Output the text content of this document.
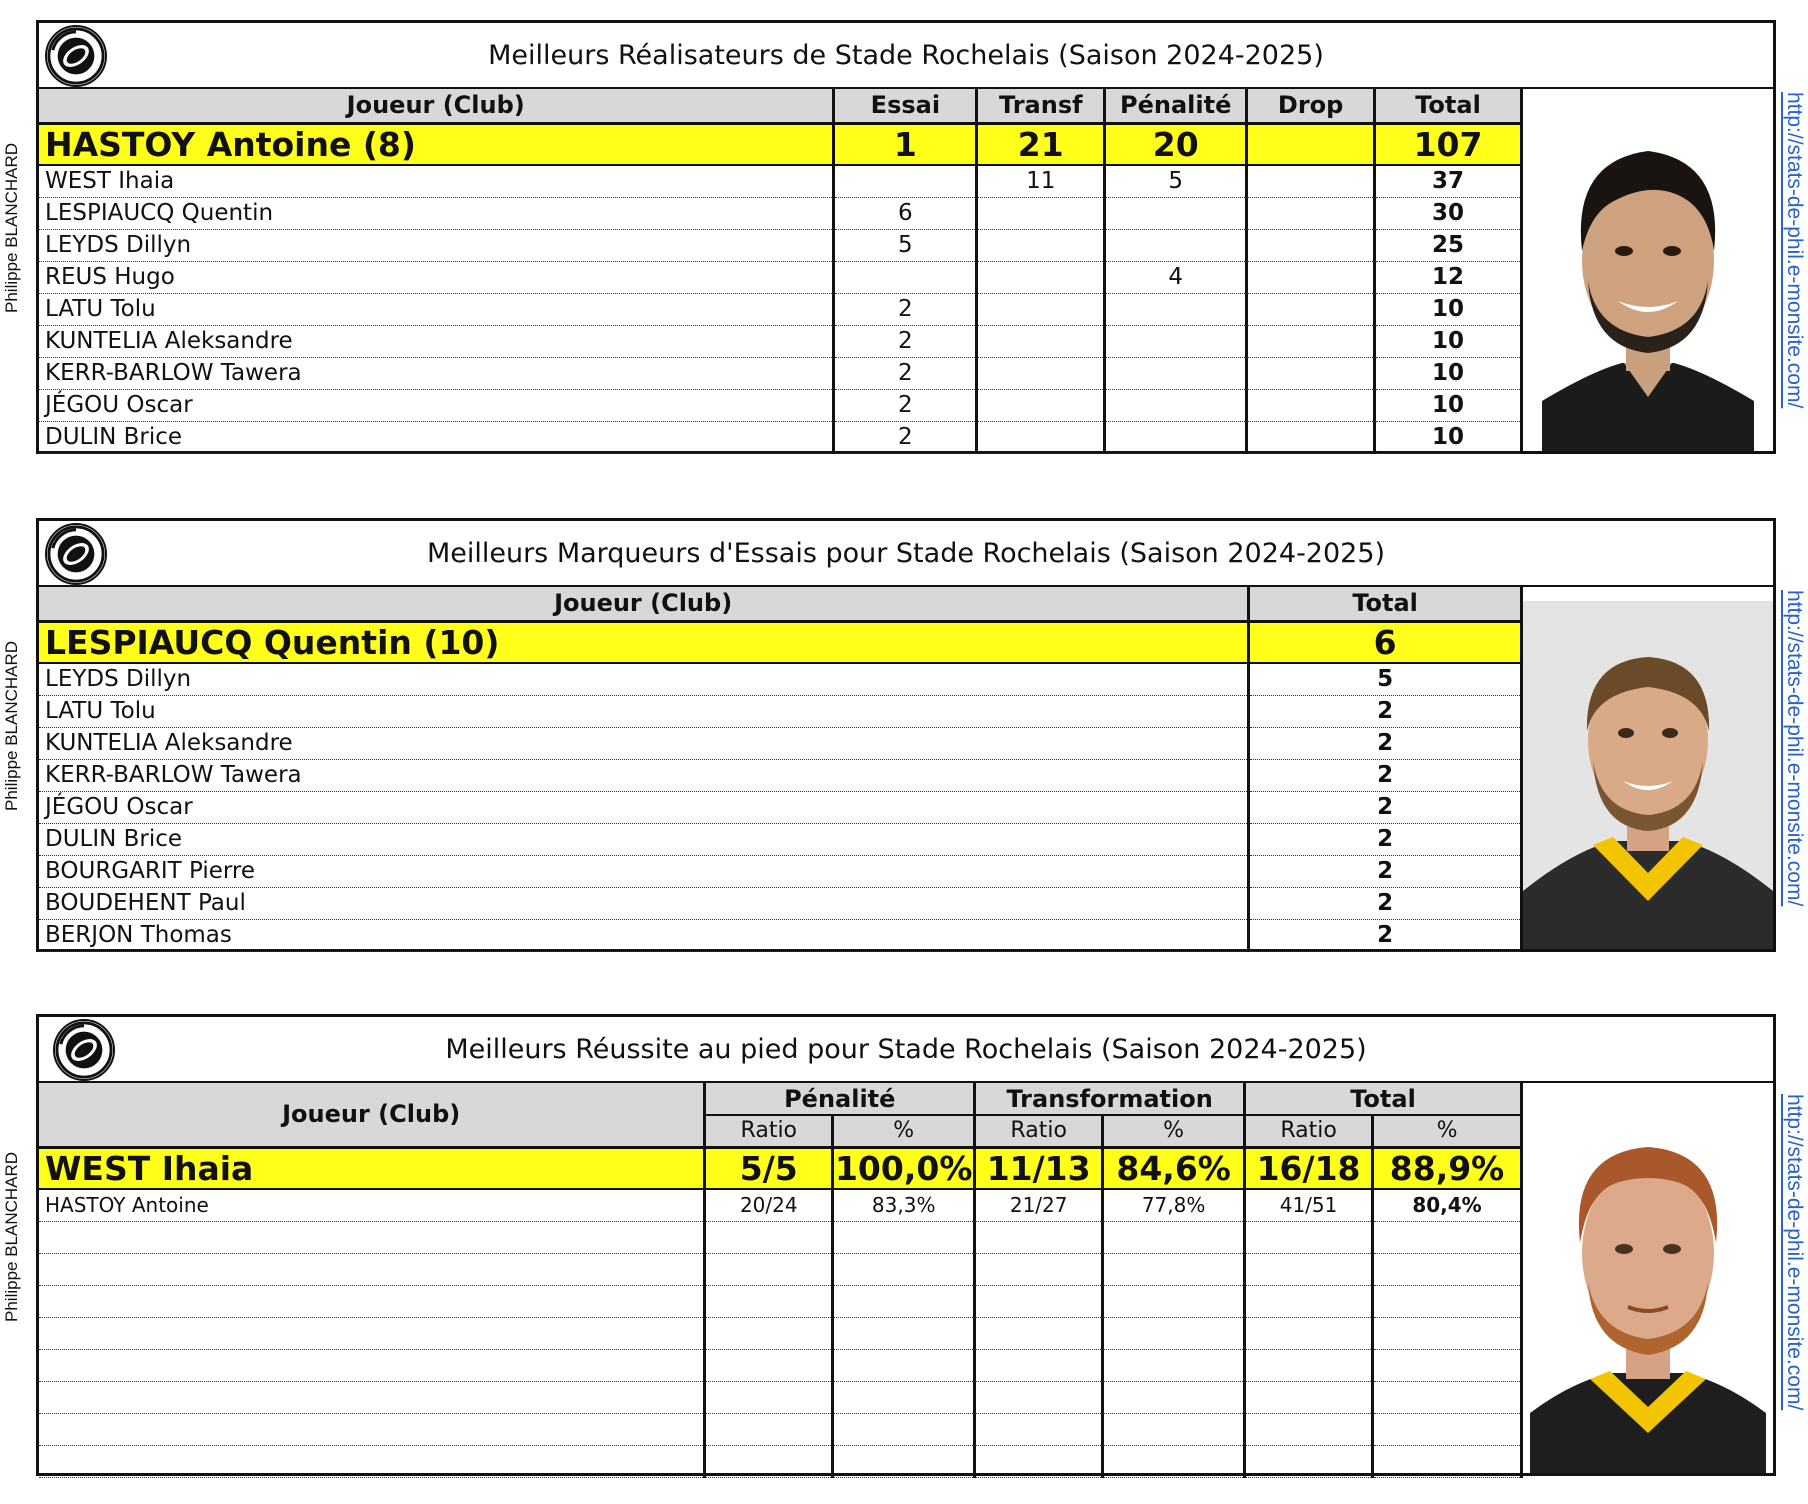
Philippe BLANCHARD	http://stats-de-phil.e-monsite.com/
Meilleurs Réalisateurs de Stade Rochelais (Saison 2024-2025)
Joueur (Club)	Essai	Transf	Pénalité	Drop	Total
HASTOY Antoine (8)	1	21	20		107
WEST Ihaia		11	5		37
LESPIAUCQ Quentin	6				30
LEYDS Dillyn	5				25
REUS Hugo			4		12
LATU Tolu	2				10
KUNTELIA Aleksandre	2				10
KERR-BARLOW Tawera	2				10
JÉGOU Oscar	2				10
DULIN Brice	2				10
Philippe BLANCHARD	http://stats-de-phil.e-monsite.com/
Meilleurs Marqueurs d'Essais pour Stade Rochelais (Saison 2024-2025)
Joueur (Club)	Total
LESPIAUCQ Quentin (10)	6
LEYDS Dillyn	5
LATU Tolu	2
KUNTELIA Aleksandre	2
KERR-BARLOW Tawera	2
JÉGOU Oscar	2
DULIN Brice	2
BOURGARIT Pierre	2
BOUDEHENT Paul	2
BERJON Thomas	2
Philippe BLANCHARD	http://stats-de-phil.e-monsite.com/
Meilleurs Réussite au pied pour Stade Rochelais (Saison 2024-2025)
Joueur (Club)	Pénalité		Transformation		Total	
	Ratio	%	Ratio	%	Ratio	%
WEST Ihaia	5/5	100,0%	11/13	84,6%	16/18	88,9%
HASTOY Antoine	20/24	83,3%	21/27	77,8%	41/51	80,4%
